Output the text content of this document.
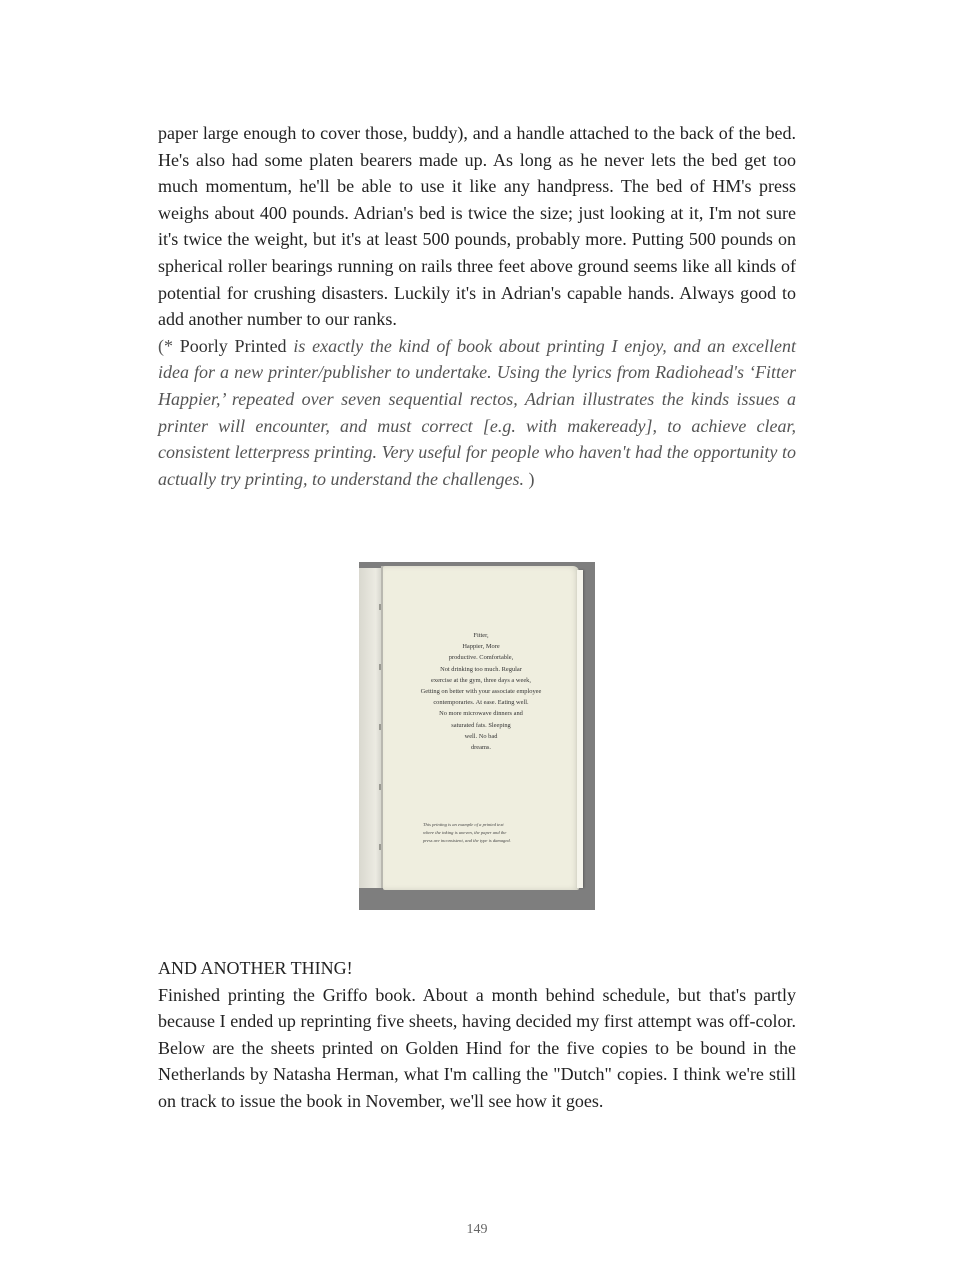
paper large enough to cover those, buddy), and a handle attached to the back of the bed. He's also had some platen bearers made up. As long as he never lets the bed get too much momentum, he'll be able to use it like any handpress. The bed of HM's press weighs about 400 pounds. Adrian's bed is twice the size; just looking at it, I'm not sure it's twice the weight, but it's at least 500 pounds, probably more. Putting 500 pounds on spherical roller bearings running on rails three feet above ground seems like all kinds of potential for crushing disasters. Luckily it's in Adrian's capable hands. Always good to add another number to our ranks.
(* Poorly Printed is exactly the kind of book about printing I enjoy, and an excellent idea for a new printer/publisher to undertake. Using the lyrics from Radiohead's ‘Fitter Happier,’ repeated over seven sequential rectos, Adrian illustrates the kinds issues a printer will encounter, and must correct [e.g. with makeready], to achieve clear, consistent letterpress printing. Very useful for people who haven't had the opportunity to actually try printing, to understand the challenges. )
Fitter,
Happier, More
productive. Comfortable,
Not drinking too much. Regular
exercise at the gym, three days a week,
Getting on better with your associate employee
contemporaries. At ease. Eating well.
No more microwave dinners and
saturated fats. Sleeping
well. No bad
dreams.
This printing is an example of a printed text
where the inking is uneven, the paper and the
press are inconsistent, and the type is damaged.
AND ANOTHER THING!
Finished printing the Griffo book. About a month behind schedule, but that's partly because I ended up reprinting five sheets, having decided my first attempt was off-color. Below are the sheets printed on Golden Hind for the five copies to be bound in the Netherlands by Natasha Herman, what I'm calling the "Dutch" copies. I think we're still on track to issue the book in November, we'll see how it goes.
149
